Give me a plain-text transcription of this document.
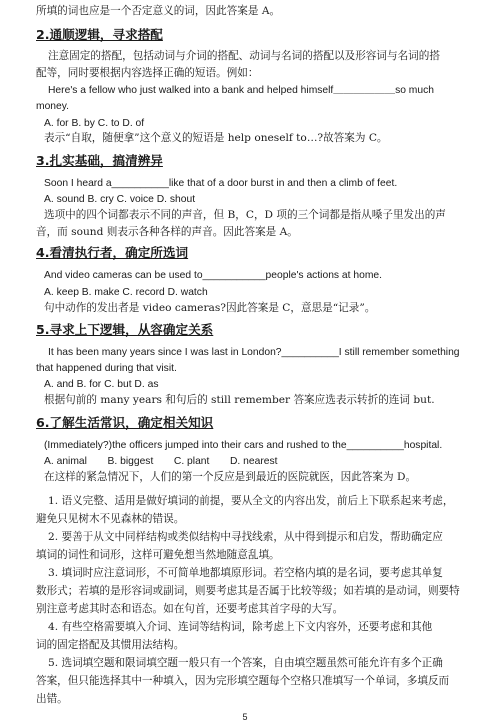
所填的词也应是一个否定意义的词，因此答案是 A。
2.通顺逻辑，寻求搭配
注意固定的搭配，包括动词与介词的搭配、动词与名词的搭配以及形容词与名词的搭
配等，同时要根据内容选择正确的短语。例如：
Here's a fellow who just walked into a bank and helped himself＿＿＿＿＿＿so much
money.
A. for B. by C. to D. of
表示“自取，随便拿”这个意义的短语是 help oneself to…?故答案为 C。
3.扎实基础，搞清辨异
Soon I heard a__________like that of a door burst in and then a climb of feet.
A. sound B. cry C. voice D. shout
选项中的四个词都表示不同的声音，但 B，C，D 项的三个词都是指从嗓子里发出的声
音，而 sound 则表示各种各样的声音。因此答案是 A。
4.看清执行者，确定所选词
And video cameras can be used to___________people's actions at home.
A. keep B. make C. record D. watch
句中动作的发出者是 video cameras?因此答案是 C，意思是“记录”。
5.寻求上下逻辑，从容确定关系
It has been many years since I was last in London?__________I still remember something
that happened during that visit.
A. and B. for C. but D. as
根据句前的 many years 和句后的 still remember 答案应选表示转折的连词 but.
6.了解生活常识，确定相关知识
(Immediately?)the officers jumped into their cars and rushed to the__________hospital.
A. animal　　B. biggest　　C. plant　　D. nearest
在这样的紧急情况下，人们的第一个反应是到最近的医院就医，因此答案为 D。
1. 语义完整、适用是做好填词的前提，要从全文的内容出发，前后上下联系起来考虑，
避免只见树木不见森林的错误。
2. 要善于从文中同样结构或类似结构中寻找线索，从中得到提示和启发，帮助确定应
填词的词性和词形，这样可避免想当然地随意乱填。
3. 填词时应注意词形，不可简单地都填原形词。若空格内填的是名词，要考虑其单复
数形式；若填的是形容词或副词，则要考虑其是否属于比较等级；如若填的是动词，则要特
别注意考虑其时态和语态。如在句首，还要考虑其首字母的大写。
4. 有些空格需要填入介词、连词等结构词，除考虑上下文内容外，还要考虑和其他
词的固定搭配及其惯用法结构。
5. 选词填空题和限词填空题一般只有一个答案，自由填空题虽然可能允许有多个正确
答案，但只能选择其中一种填入，因为完形填空题每个空格只准填写一个单词，多填反而
出错。
5
